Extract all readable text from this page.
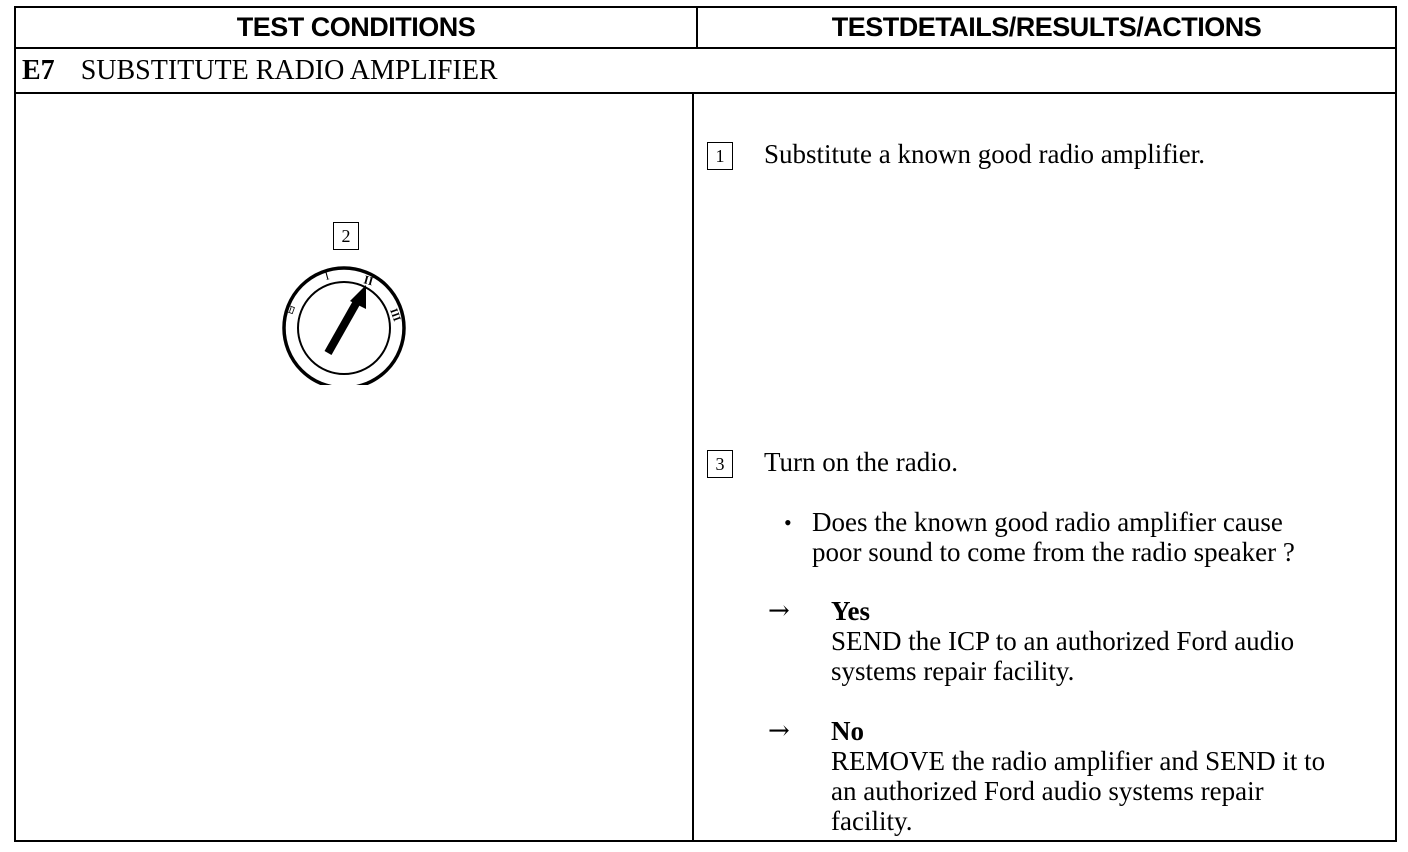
TEST CONDITIONS	TESTDETAILS/RESULTS/ACTIONS
E7 SUBSTITUTE RADIO AMPLIFIER
2
⊟
I	II
III
1	Substitute a known good radio amplifier.
3	Turn on the radio.
• Does the known good radio amplifier cause
poor sound to come from the radio speaker ?
→ Yes
SEND the ICP to an authorized Ford audio
systems repair facility.
→ No
REMOVE the radio amplifier and SEND it to
an authorized Ford audio systems repair
facility.
